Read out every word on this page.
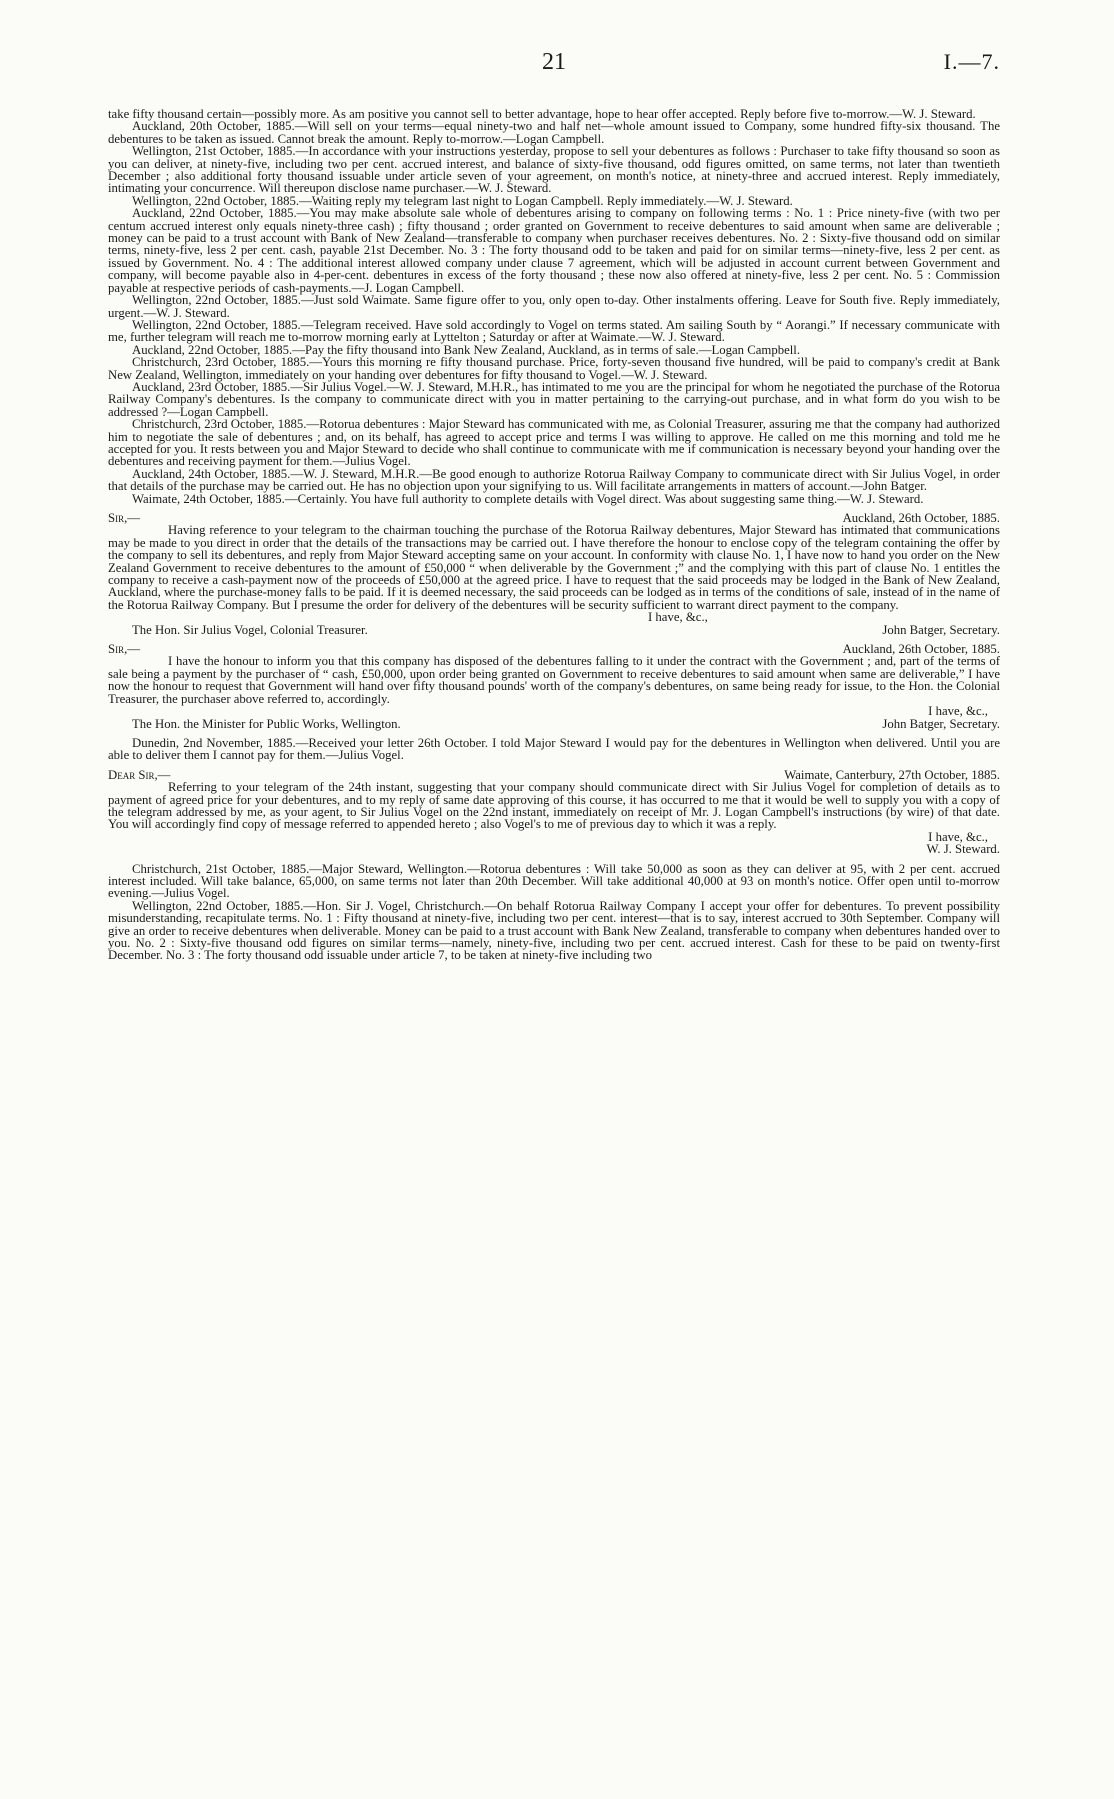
21	I.—7.

take fifty thousand certain—possibly more. As am positive you cannot sell to better advantage, hope to hear offer accepted. Reply before five to-morrow.—W. J. Steward.

Auckland, 20th October, 1885.—Will sell on your terms—equal ninety-two and half net—whole amount issued to Company, some hundred fifty-six thousand. The debentures to be taken as issued. Cannot break the amount. Reply to-morrow.—Logan Campbell.

Wellington, 21st October, 1885.—In accordance with your instructions yesterday, propose to sell your debentures as follows : Purchaser to take fifty thousand so soon as you can deliver, at ninety-five, including two per cent. accrued interest, and balance of sixty-five thousand, odd figures omitted, on same terms, not later than twentieth December ; also additional forty thousand issuable under article seven of your agreement, on month's notice, at ninety-three and accrued interest. Reply immediately, intimating your concurrence. Will thereupon disclose name purchaser.—W. J. Steward.

Wellington, 22nd October, 1885.—Waiting reply my telegram last night to Logan Campbell. Reply immediately.—W. J. Steward.

Auckland, 22nd October, 1885.—You may make absolute sale whole of debentures arising to company on following terms : No. 1 : Price ninety-five (with two per centum accrued interest only equals ninety-three cash) ; fifty thousand ; order granted on Government to receive debentures to said amount when same are deliverable ; money can be paid to a trust account with Bank of New Zealand—transferable to company when purchaser receives debentures. No. 2 : Sixty-five thousand odd on similar terms, ninety-five, less 2 per cent. cash, payable 21st December. No. 3 : The forty thousand odd to be taken and paid for on similar terms—ninety-five, less 2 per cent. as issued by Government. No. 4 : The additional interest allowed company under clause 7 agreement, which will be adjusted in account current between Government and company, will become payable also in 4-per-cent. debentures in excess of the forty thousand ; these now also offered at ninety-five, less 2 per cent. No. 5 : Commission payable at respective periods of cash-payments.—J. Logan Campbell.

Wellington, 22nd October, 1885.—Just sold Waimate. Same figure offer to you, only open to-day. Other instalments offering. Leave for South five. Reply immediately, urgent.—W. J. Steward.

Wellington, 22nd October, 1885.—Telegram received. Have sold accordingly to Vogel on terms stated. Am sailing South by “ Aorangi.” If necessary communicate with me, further telegram will reach me to-morrow morning early at Lyttelton ; Saturday or after at Waimate.—W. J. Steward.

Auckland, 22nd October, 1885.—Pay the fifty thousand into Bank New Zealand, Auckland, as in terms of sale.—Logan Campbell.

Christchurch, 23rd October, 1885.—Yours this morning re fifty thousand purchase. Price, forty-seven thousand five hundred, will be paid to company's credit at Bank New Zealand, Wellington, immediately on your handing over debentures for fifty thousand to Vogel.—W. J. Steward.

Auckland, 23rd October, 1885.—Sir Julius Vogel.—W. J. Steward, M.H.R., has intimated to me you are the principal for whom he negotiated the purchase of the Rotorua Railway Company's debentures. Is the company to communicate direct with you in matter pertaining to the carrying-out purchase, and in what form do you wish to be addressed ?—Logan Campbell.

Christchurch, 23rd October, 1885.—Rotorua debentures : Major Steward has communicated with me, as Colonial Treasurer, assuring me that the company had authorized him to negotiate the sale of debentures ; and, on its behalf, has agreed to accept price and terms I was willing to approve. He called on me this morning and told me he accepted for you. It rests between you and Major Steward to decide who shall continue to communicate with me if communication is necessary beyond your handing over the debentures and receiving payment for them.—Julius Vogel.

Auckland, 24th October, 1885.—W. J. Steward, M.H.R.—Be good enough to authorize Rotorua Railway Company to communicate direct with Sir Julius Vogel, in order that details of the purchase may be carried out. He has no objection upon your signifying to us. Will facilitate arrangements in matters of account.—John Batger.

Waimate, 24th October, 1885.—Certainly. You have full authority to complete details with Vogel direct. Was about suggesting same thing.—W. J. Steward.

Sir,—	Auckland, 26th October, 1885.

Having reference to your telegram to the chairman touching the purchase of the Rotorua Railway debentures, Major Steward has intimated that communications may be made to you direct in order that the details of the transactions may be carried out. I have therefore the honour to enclose copy of the telegram containing the offer by the company to sell its debentures, and reply from Major Steward accepting same on your account. In conformity with clause No. 1, I have now to hand you order on the New Zealand Government to receive debentures to the amount of £50,000 “ when deliverable by the Government ;” and the complying with this part of clause No. 1 entitles the company to receive a cash-payment now of the proceeds of £50,000 at the agreed price. I have to request that the said proceeds may be lodged in the Bank of New Zealand, Auckland, where the purchase-money falls to be paid. If it is deemed necessary, the said proceeds can be lodged as in terms of the conditions of sale, instead of in the name of the Rotorua Railway Company. But I presume the order for delivery of the debentures will be security sufficient to warrant direct payment to the company.

I have, &c.,
The Hon. Sir Julius Vogel, Colonial Treasurer.	John Batger, Secretary.
Sir,—	Auckland, 26th October, 1885.

I have the honour to inform you that this company has disposed of the debentures falling to it under the contract with the Government ; and, part of the terms of sale being a payment by the purchaser of “ cash, £50,000, upon order being granted on Government to receive debentures to said amount when same are deliverable,” I have now the honour to request that Government will hand over fifty thousand pounds' worth of the company's debentures, on same being ready for issue, to the Hon. the Colonial Treasurer, the purchaser above referred to, accordingly.

I have, &c.,
The Hon. the Minister for Public Works, Wellington.	John Batger, Secretary.

Dunedin, 2nd November, 1885.—Received your letter 26th October. I told Major Steward I would pay for the debentures in Wellington when delivered. Until you are able to deliver them I cannot pay for them.—Julius Vogel.

Dear Sir,—	Waimate, Canterbury, 27th October, 1885.

Referring to your telegram of the 24th instant, suggesting that your company should communicate direct with Sir Julius Vogel for completion of details as to payment of agreed price for your debentures, and to my reply of same date approving of this course, it has occurred to me that it would be well to supply you with a copy of the telegram addressed by me, as your agent, to Sir Julius Vogel on the 22nd instant, immediately on receipt of Mr. J. Logan Campbell's instructions (by wire) of that date. You will accordingly find copy of message referred to appended hereto ; also Vogel's to me of previous day to which it was a reply.

I have, &c.,
W. J. Steward.

Christchurch, 21st October, 1885.—Major Steward, Wellington.—Rotorua debentures : Will take 50,000 as soon as they can deliver at 95, with 2 per cent. accrued interest included. Will take balance, 65,000, on same terms not later than 20th December. Will take additional 40,000 at 93 on month's notice. Offer open until to-morrow evening.—Julius Vogel.

Wellington, 22nd October, 1885.—Hon. Sir J. Vogel, Christchurch.—On behalf Rotorua Railway Company I accept your offer for debentures. To prevent possibility misunderstanding, recapitulate terms. No. 1 : Fifty thousand at ninety-five, including two per cent. interest—that is to say, interest accrued to 30th September. Company will give an order to receive debentures when deliverable. Money can be paid to a trust account with Bank New Zealand, transferable to company when debentures handed over to you. No. 2 : Sixty-five thousand odd figures on similar terms—namely, ninety-five, including two per cent. accrued interest. Cash for these to be paid on twenty-first December. No. 3 : The forty thousand odd issuable under article 7, to be taken at ninety-five including two
